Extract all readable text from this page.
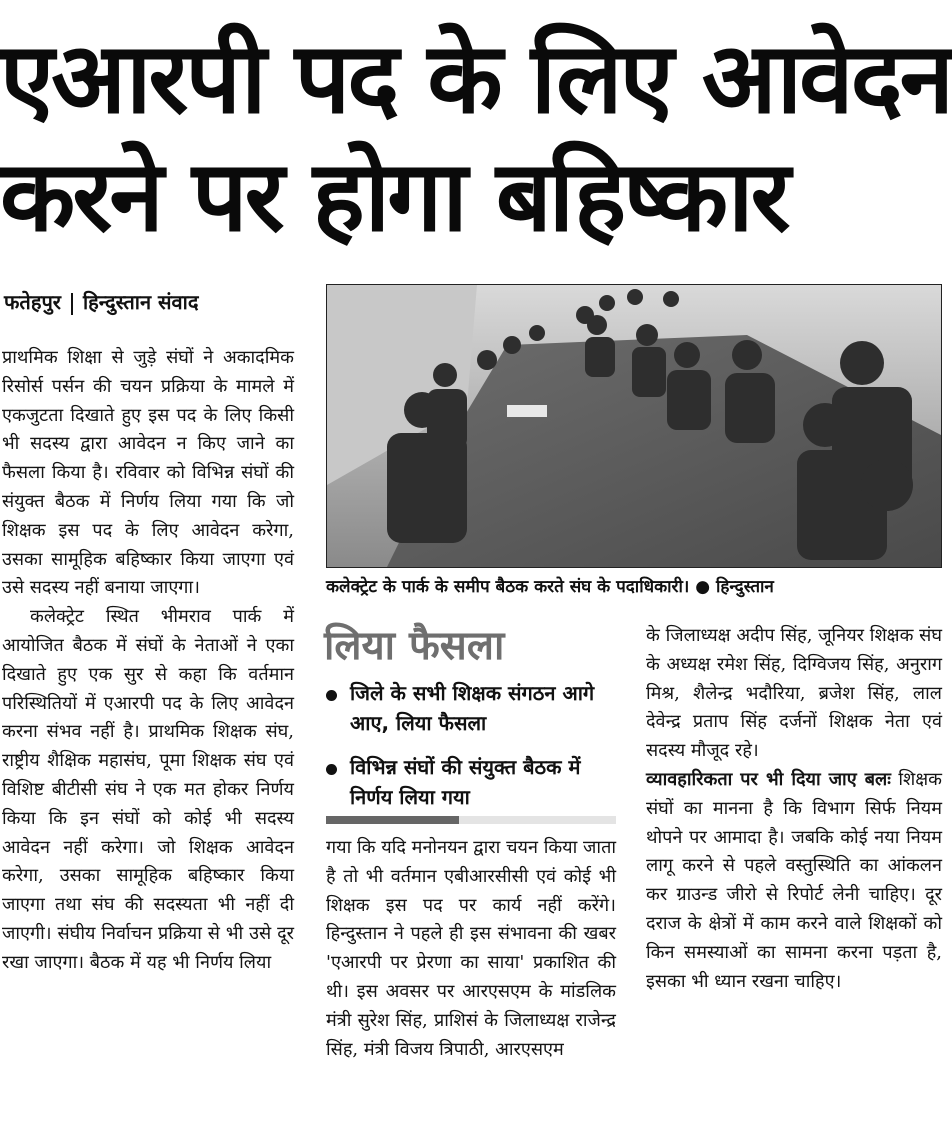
एआरपी पद के लिए आवेदन
करने पर होगा बहिष्कार
फतेहपुर हिन्दुस्तान संवाद

प्राथमिक शिक्षा से जुड़े संघों ने अकादमिक रिसोर्स पर्सन की चयन प्रक्रिया के मामले में एकजुटता दिखाते हुए इस पद के लिए किसी भी सदस्य द्वारा आवेदन न किए जाने का फैसला किया है। रविवार को विभिन्न संघों की संयुक्त बैठक में निर्णय लिया गया कि जो शिक्षक इस पद के लिए आवेदन करेगा, उसका सामूहिक बहिष्कार किया जाएगा एवं उसे सदस्य नहीं बनाया जाएगा।

कलेक्ट्रेट स्थित भीमराव पार्क में आयोजित बैठक में संघों के नेताओं ने एका दिखाते हुए एक सुर से कहा कि वर्तमान परिस्थितियों में एआरपी पद के लिए आवेदन करना संभव नहीं है। प्राथमिक शिक्षक संघ, राष्ट्रीय शैक्षिक महासंघ, पूमा शिक्षक संघ एवं विशिष्ट बीटीसी संघ ने एक मत होकर निर्णय किया कि इन संघों को कोई भी सदस्य आवेदन नहीं करेगा। जो शिक्षक आवेदन करेगा, उसका सामूहिक बहिष्कार किया जाएगा तथा संघ की सदस्यता भी नहीं दी जाएगी। संघीय निर्वाचन प्रक्रिया से भी उसे दूर रखा जाएगा। बैठक में यह भी निर्णय लिया

कलेक्ट्रेट के पार्क के समीप बैठक करते संघ के पदाधिकारी। ● हिन्दुस्तान
लिया फैसला
जिले के सभी शिक्षक संगठन आगे आए, लिया फैसला
विभिन्न संघों की संयुक्त बैठक में निर्णय लिया गया

गया कि यदि मनोनयन द्वारा चयन किया जाता है तो भी वर्तमान एबीआरसीसी एवं कोई भी शिक्षक इस पद पर कार्य नहीं करेंगे। हिन्दुस्तान ने पहले ही इस संभावना की खबर 'एआरपी पर प्रेरणा का साया' प्रकाशित की थी। इस अवसर पर आरएसएम के मांडलिक मंत्री सुरेश सिंह, प्राशिसं के जिलाध्यक्ष राजेन्द्र सिंह, मंत्री विजय त्रिपाठी, आरएसएम

के जिलाध्यक्ष अदीप सिंह, जूनियर शिक्षक संघ के अध्यक्ष रमेश सिंह, दिग्विजय सिंह, अनुराग मिश्र, शैलेन्द्र भदौरिया, ब्रजेश सिंह, लाल देवेन्द्र प्रताप सिंह दर्जनों शिक्षक नेता एवं सदस्य मौजूद रहे।

व्यावहारिकता पर भी दिया जाए बलः शिक्षक संघों का मानना है कि विभाग सिर्फ नियम थोपने पर आमादा है। जबकि कोई नया नियम लागू करने से पहले वस्तुस्थिति का आंकलन कर ग्राउन्ड जीरो से रिपोर्ट लेनी चाहिए। दूर दराज के क्षेत्रों में काम करने वाले शिक्षकों को किन समस्याओं का सामना करना पड़ता है, इसका भी ध्यान रखना चाहिए।
